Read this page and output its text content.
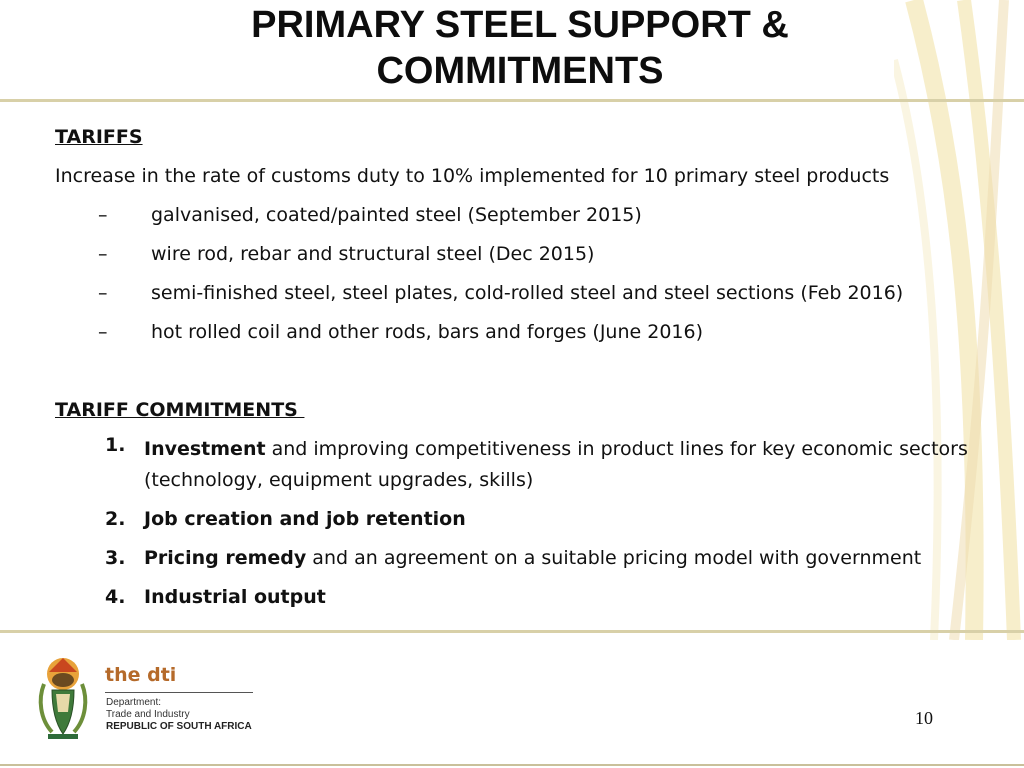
PRIMARY STEEL SUPPORT & COMMITMENTS
TARIFFS
Increase in the rate of customs duty to 10% implemented for 10 primary steel products
– galvanised, coated/painted steel (September 2015)
– wire rod, rebar and structural steel (Dec 2015)
– semi-finished steel, steel plates, cold-rolled steel and steel sections (Feb 2016)
– hot rolled coil and other rods, bars and forges (June 2016)
TARIFF COMMITMENTS
1. Investment and improving competitiveness in product lines for key economic sectors (technology, equipment upgrades, skills)
2. Job creation and job retention
3. Pricing remedy and an agreement on a suitable pricing model with government
4. Industrial output
the dti
Department:
Trade and Industry
REPUBLIC OF SOUTH AFRICA	10
